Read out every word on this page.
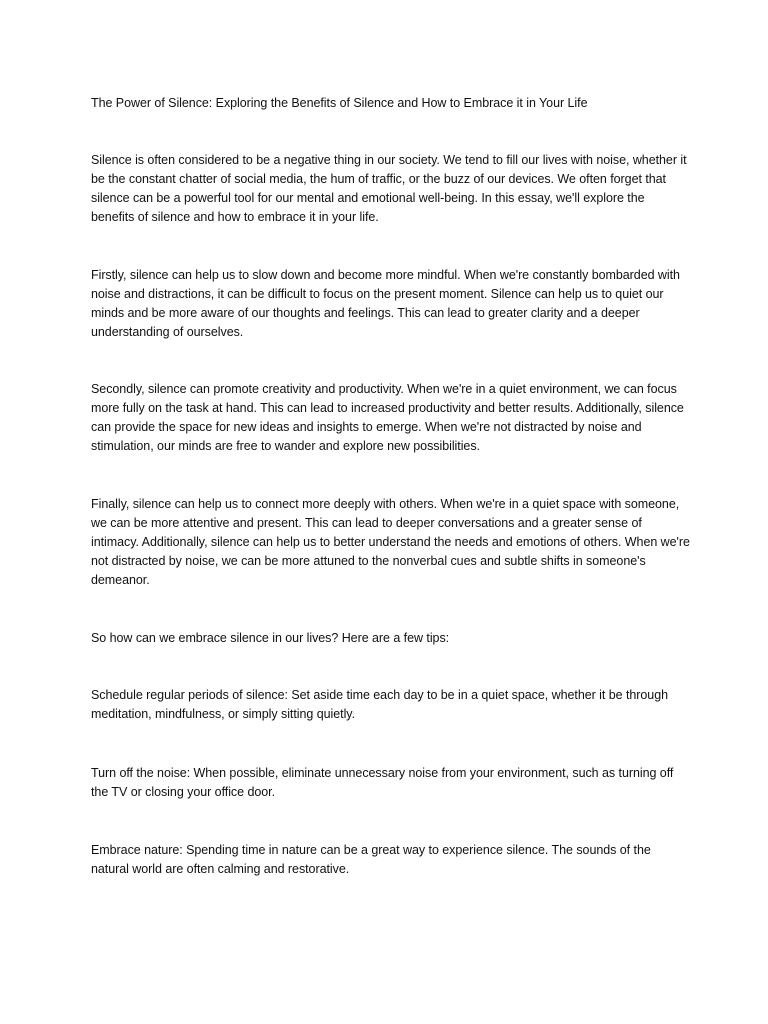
The Power of Silence: Exploring the Benefits of Silence and How to Embrace it in Your Life

Silence is often considered to be a negative thing in our society. We tend to fill our lives with noise, whether it be the constant chatter of social media, the hum of traffic, or the buzz of our devices. We often forget that silence can be a powerful tool for our mental and emotional well-being. In this essay, we'll explore the benefits of silence and how to embrace it in your life.

Firstly, silence can help us to slow down and become more mindful. When we're constantly bombarded with noise and distractions, it can be difficult to focus on the present moment. Silence can help us to quiet our minds and be more aware of our thoughts and feelings. This can lead to greater clarity and a deeper understanding of ourselves.

Secondly, silence can promote creativity and productivity. When we're in a quiet environment, we can focus more fully on the task at hand. This can lead to increased productivity and better results. Additionally, silence can provide the space for new ideas and insights to emerge. When we're not distracted by noise and stimulation, our minds are free to wander and explore new possibilities.

Finally, silence can help us to connect more deeply with others. When we're in a quiet space with someone, we can be more attentive and present. This can lead to deeper conversations and a greater sense of intimacy. Additionally, silence can help us to better understand the needs and emotions of others. When we're not distracted by noise, we can be more attuned to the nonverbal cues and subtle shifts in someone's demeanor.

So how can we embrace silence in our lives? Here are a few tips:

Schedule regular periods of silence: Set aside time each day to be in a quiet space, whether it be through meditation, mindfulness, or simply sitting quietly.

Turn off the noise: When possible, eliminate unnecessary noise from your environment, such as turning off the TV or closing your office door.

Embrace nature: Spending time in nature can be a great way to experience silence. The sounds of the natural world are often calming and restorative.
